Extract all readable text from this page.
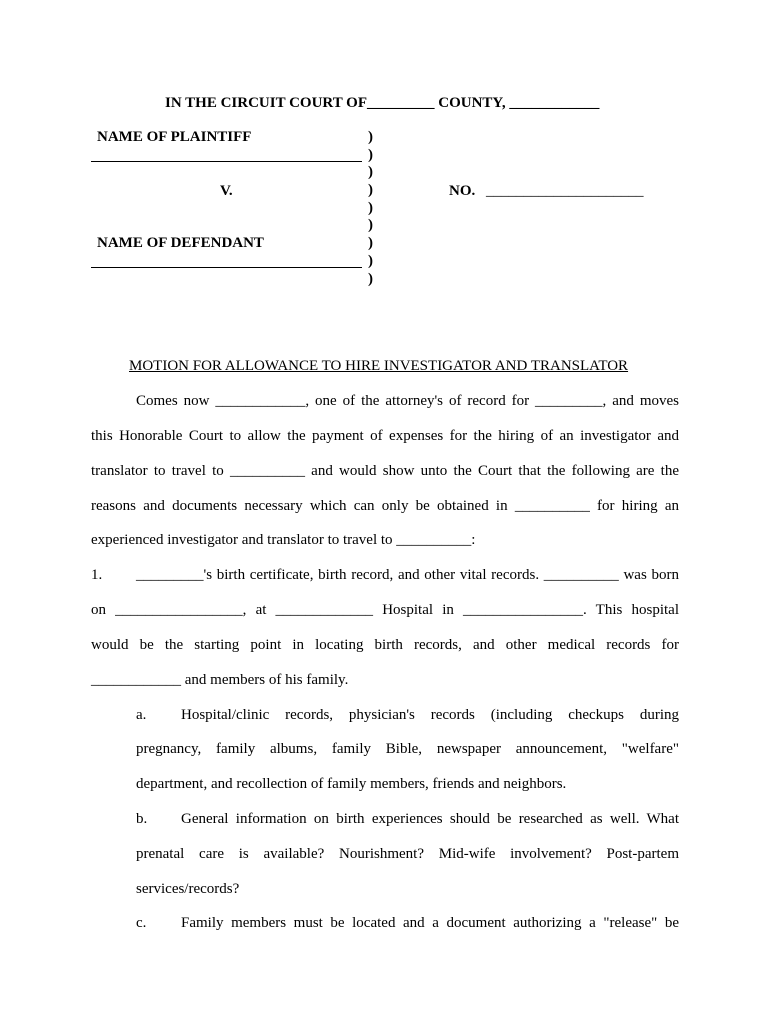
IN THE CIRCUIT COURT OF_________ COUNTY, ____________
NAME OF PLAINTIFF
V.
NAME OF DEFENDANT
)
)
)
)
)
)
)
)
)
NO. _____________________
MOTION FOR ALLOWANCE TO HIRE INVESTIGATOR AND TRANSLATOR
Comes now ____________, one of the attorney's of record for _________, and moves
this Honorable Court to allow the payment of expenses for the hiring of an investigator and
translator to travel to __________ and would show unto the Court that the following are the
reasons and documents necessary which can only be obtained in __________ for hiring an
experienced investigator and translator to travel to __________:
1. _________'s birth certificate, birth record, and other vital records. __________ was born
on _________________, at _____________ Hospital in ________________. This hospital
would be the starting point in locating birth records, and other medical records for
____________ and members of his family.
a. Hospital/clinic records, physician's records (including checkups during
pregnancy, family albums, family Bible, newspaper announcement, "welfare"
department, and recollection of family members, friends and neighbors.
b. General information on birth experiences should be researched as well. What
prenatal care is available? Nourishment? Mid-wife involvement? Post-partem
services/records?
c. Family members must be located and a document authorizing a "release" be
